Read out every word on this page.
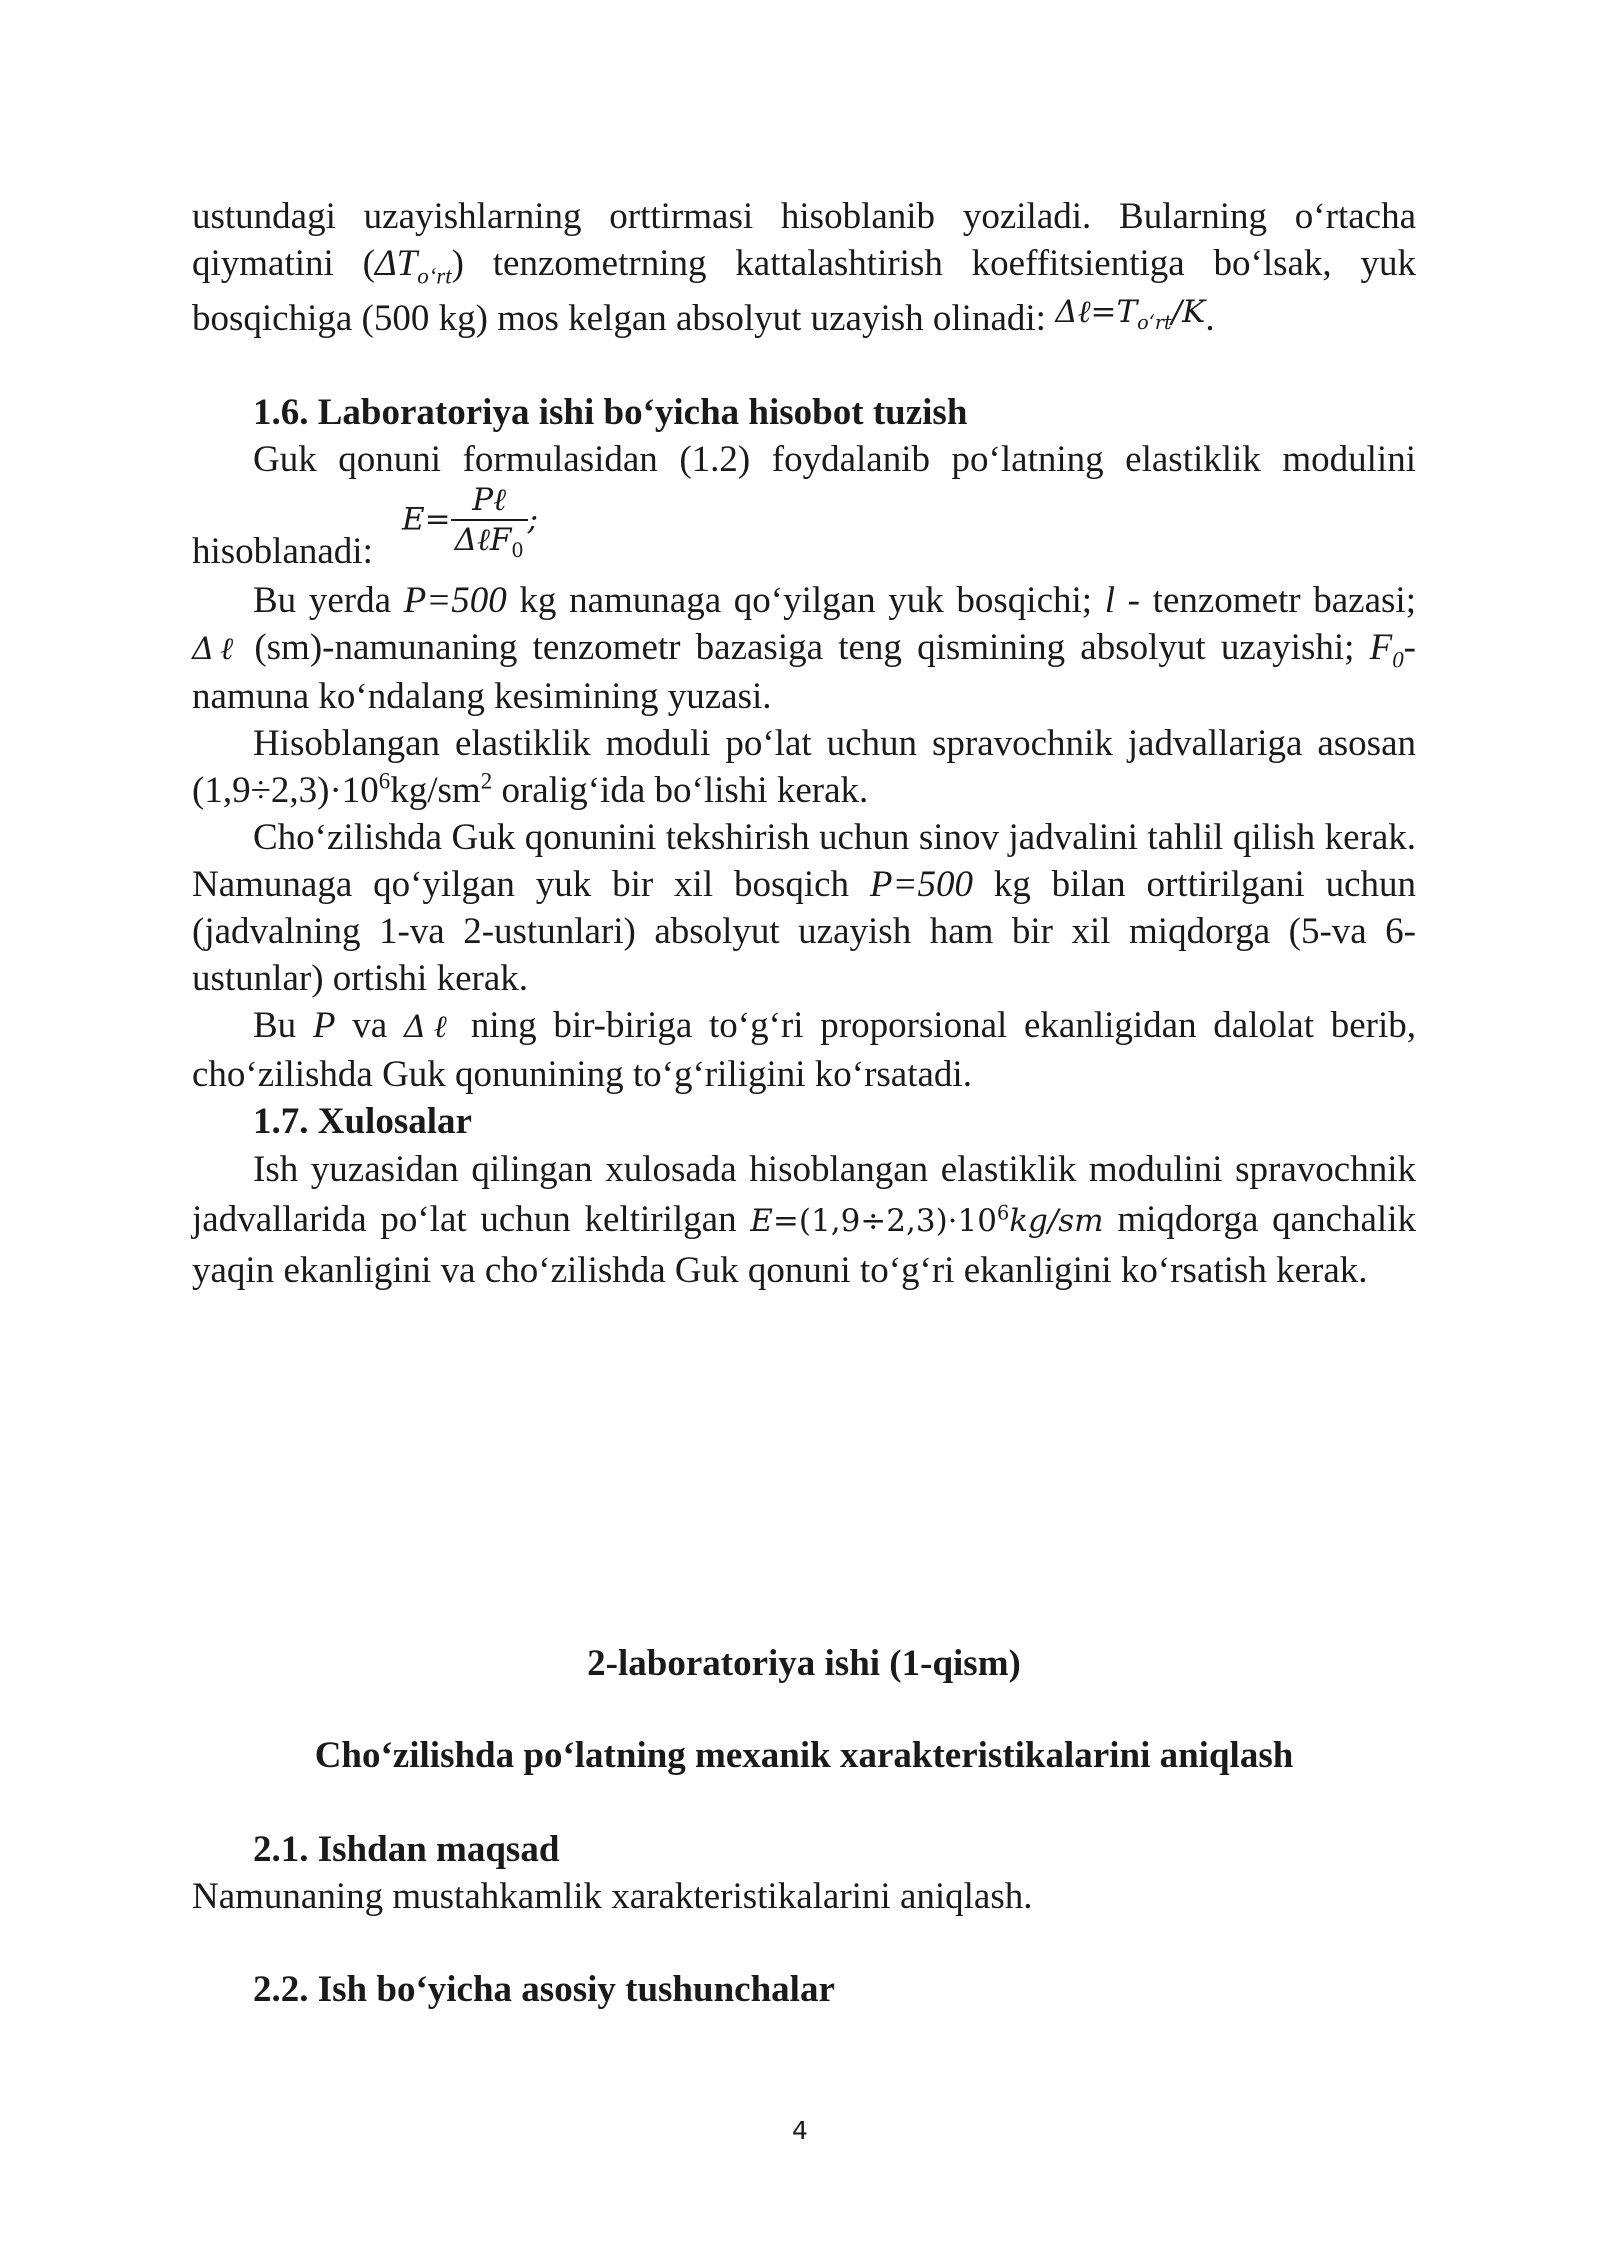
ustundagi uzayishlarning orttirmasi hisoblanib yoziladi. Bularning o‘rtacha

qiymatini $(\Delta T_{o‘rt})$ tenzometrning kattalashtirish koeffitsientiga bo‘lsak, yuk

bosqichiga (500 kg) mos kelgan absolyut uzayish olinadi: $^{\Delta\ell=T_{o‘rt}/K}$.

1.6. Laboratoriya ishi bo‘yicha hisobot tuzish

Guk qonuni formulasidan (1.2) foydalanib po‘latning elastiklik modulini

hisoblanadi:
$E= \frac{\text{Pℓ}}{\Delta\ell F_0}$ ;

Bu yerda P=500 kg namunaga qo‘yilgan yuk bosqichi; l - tenzometr bazasi; Δℓ (sm)-namunaning tenzometr bazasiga teng qismining absolyut uzayishi; $F_0$-namuna ko‘ndalang kesimining yuzasi.

Hisoblangan elastiklik moduli po‘lat uchun spravochnik jadvallariga asosan $(1,9\div 2,3)\cdot 10^6kg/sm^2$ oralig‘ida bo‘lishi kerak.

Cho‘zilishda Guk qonunini tekshirish uchun sinov jadvalini tahlil qilish kerak. Namunaga qo‘yilgan yuk bir xil bosqich P=500 kg bilan orttirilgani uchun (jadvalning 1-va 2-ustunlari) absolyut uzayish ham bir xil miqdorga (5-va 6-ustunlar) ortishi kerak.

Bu P va Δℓ ning bir-biriga to‘g‘ri proporsional ekanligidan dalolat berib, cho‘zilishda Guk qonunining to‘g‘riligini ko‘rsatadi.

1.7. Xulosalar

Ish yuzasidan qilingan xulosada hisoblangan elastiklik modulini spravochnik jadvallarida po‘lat uchun keltirilgan $E=(1,9\div 2,3)\cdot 10^6kg/sm$ miqdorga qanchalik yaqin ekanligini va cho‘zilishda Guk qonuni to‘g‘ri ekanligini ko‘rsatish kerak.

2-laboratoriya ishi (1-qism)

Cho‘zilishda po‘latning mexanik xarakteristikalarini aniqlash

2.1. Ishdan maqsad

Namunaning mustahkamlik xarakteristikalarini aniqlash.

2.2. Ish bo‘yicha asosiy tushunchalar

4
